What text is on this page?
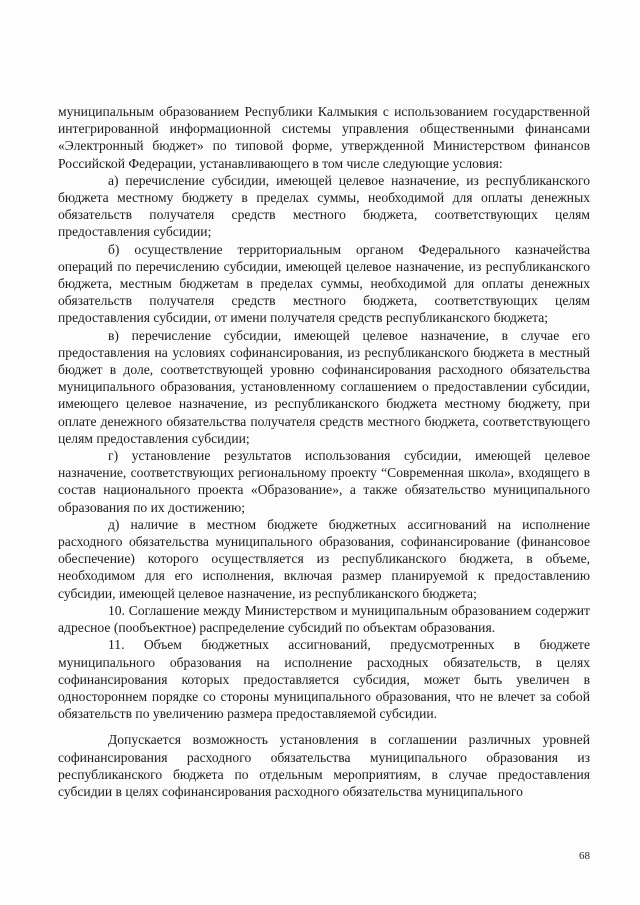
муниципальным образованием Республики Калмыкия с использованием государственной интегрированной информационной системы управления общественными финансами «Электронный бюджет» по типовой форме, утвержденной Министерством финансов Российской Федерации, устанавливающего в том числе следующие условия:

а) перечисление субсидии, имеющей целевое назначение, из республиканского бюджета местному бюджету в пределах суммы, необходимой для оплаты денежных обязательств получателя средств местного бюджета, соответствующих целям предоставления субсидии;

б) осуществление территориальным органом Федерального казначейства операций по перечислению субсидии, имеющей целевое назначение, из республиканского бюджета, местным бюджетам в пределах суммы, необходимой для оплаты денежных обязательств получателя средств местного бюджета, соответствующих целям предоставления субсидии, от имени получателя средств республиканского бюджета;

в) перечисление субсидии, имеющей целевое назначение, в случае его предоставления на условиях софинансирования, из республиканского бюджета в местный бюджет в доле, соответствующей уровню софинансирования расходного обязательства муниципального образования, установленному соглашением о предоставлении субсидии, имеющего целевое назначение, из республиканского бюджета местному бюджету, при оплате денежного обязательства получателя средств местного бюджета, соответствующего целям предоставления субсидии;

г) установление результатов использования субсидии, имеющей целевое назначение, соответствующих региональному проекту “Современная школа», входящего в состав национального проекта «Образование», а также обязательство муниципального образования по их достижению;

д) наличие в местном бюджете бюджетных ассигнований на исполнение расходного обязательства муниципального образования, софинансирование (финансовое обеспечение) которого осуществляется из республиканского бюджета, в объеме, необходимом для его исполнения, включая размер планируемой к предоставлению субсидии, имеющей целевое назначение, из республиканского бюджета;

10. Соглашение между Министерством и муниципальным образованием содержит адресное (пообъектное) распределение субсидий по объектам образования.

11. Объем бюджетных ассигнований, предусмотренных в бюджете муниципального образования на исполнение расходных обязательств, в целях софинансирования которых предоставляется субсидия, может быть увеличен в одностороннем порядке со стороны муниципального образования, что не влечет за собой обязательств по увеличению размера предоставляемой субсидии.

Допускается возможность установления в соглашении различных уровней софинансирования расходного обязательства муниципального образования из республиканского бюджета по отдельным мероприятиям, в случае предоставления субсидии в целях софинансирования расходного обязательства муниципального

68
